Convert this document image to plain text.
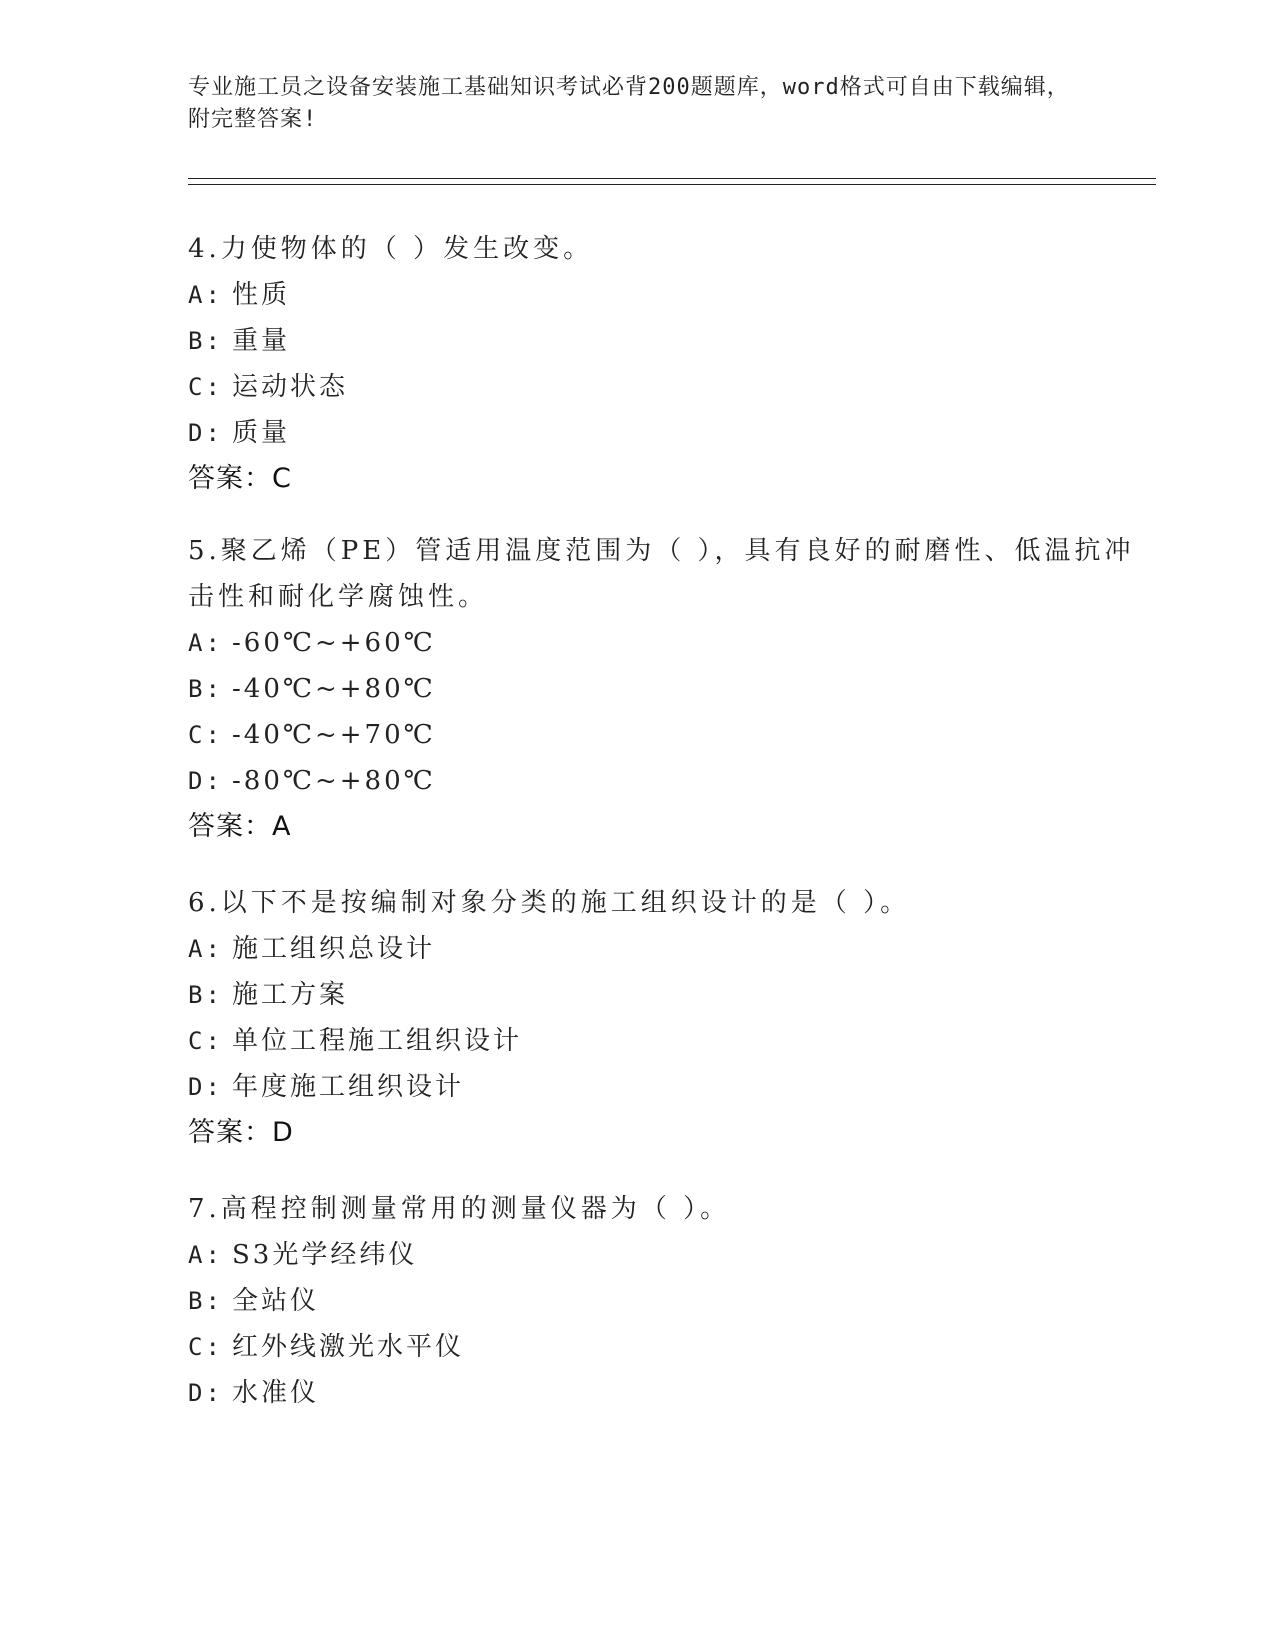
专业施工员之设备安装施工基础知识考试必背200题题库，word格式可自由下载编辑，附完整答案!

4.力使物体的（ ）发生改变。

A: 性质
B: 重量
C: 运动状态
D: 质量

答案：C

5.聚乙烯（PE）管适用温度范围为（ ），具有良好的耐磨性、低温抗冲击性和耐化学腐蚀性。

A: -60℃~+60℃
B: -40℃~+80℃
C: -40℃~+70℃
D: -80℃~+80℃

答案：A

6.以下不是按编制对象分类的施工组织设计的是（ ）。

A: 施工组织总设计
B: 施工方案
C: 单位工程施工组织设计
D: 年度施工组织设计

答案：D

7.高程控制测量常用的测量仪器为（ ）。

A: S3光学经纬仪
B: 全站仪
C: 红外线激光水平仪
D: 水准仪
